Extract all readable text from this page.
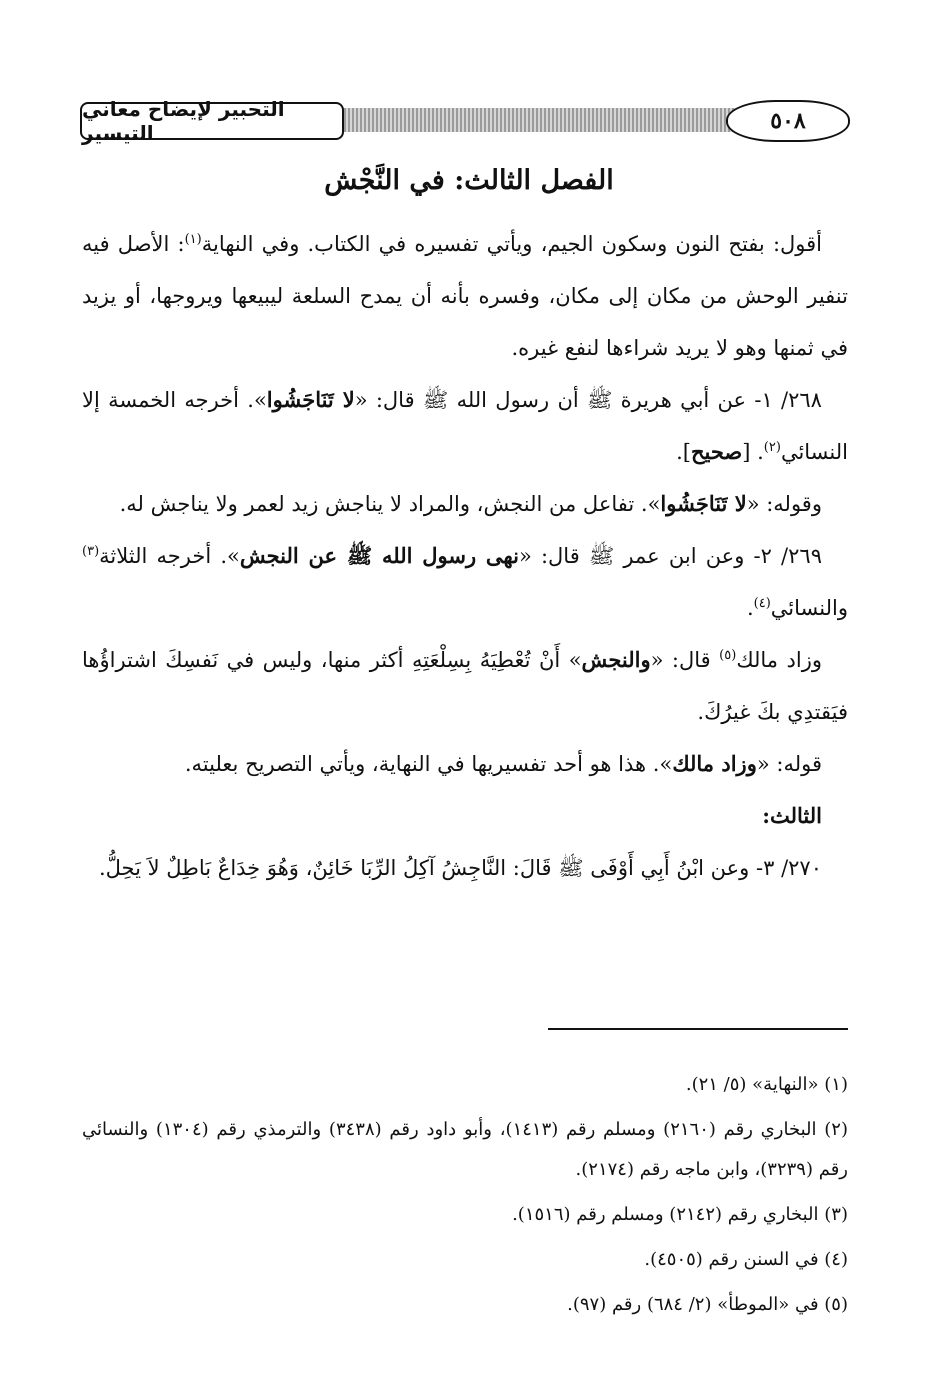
التحبير لإيضاح معاني التيسير	٥٠٨
الفصل الثالث: في النَّجْش

أقول: بفتح النون وسكون الجيم، ويأتي تفسيره في الكتاب. وفي النهاية$^{(١)}$: الأصل فيه تنفير الوحش من مكان إلى مكان، وفسره بأنه أن يمدح السلعة ليبيعها ويروجها، أو يزيد في ثمنها وهو لا يريد شراءها لنفع غيره.

٢٦٨/ ١- عن أبي هريرة ﷺ أن رسول الله ﷺ قال: «لا تَنَاجَشُوا». أخرجه الخمسة إلا النسائي$^{(٢)}$. [صحيح].

وقوله: «لا تَنَاجَشُوا». تفاعل من النجش، والمراد لا يناجش زيد لعمر ولا يناجش له.

٢٦٩/ ٢- وعن ابن عمر ﷺ قال: «نهى رسول الله ﷺ عن النجش». أخرجه الثلاثة$^{(٣)}$ والنسائي$^{(٤)}$.

وزاد مالك$^{(٥)}$ قال: «والنجش» أَنْ تُعْطِيَهُ بِسِلْعَتِهِ أكثر منها، وليس في نَفسِكَ اشتراؤُها فيَقتدِي بكَ غيرُكَ.

قوله: «وزاد مالك». هذا هو أحد تفسيريها في النهاية، ويأتي التصريح بعليته.

الثالث:

٢٧٠/ ٣- وعن ابْنُ أَبِي أَوْفَى ﷺ قَالَ: النَّاجِشُ آكِلُ الرِّبَا خَائِنٌ، وَهُوَ خِدَاعٌ بَاطِلٌ لاَ يَحِلُّ.

(١) «النهاية» (٥/ ٢١).

(٢) البخاري رقم (٢١٦٠) ومسلم رقم (١٤١٣)، وأبو داود رقم (٣٤٣٨) والترمذي رقم (١٣٠٤) والنسائي رقم (٣٢٣٩)، وابن ماجه رقم (٢١٧٤).

(٣) البخاري رقم (٢١٤٢) ومسلم رقم (١٥١٦).

(٤) في السنن رقم (٤٥٠٥).

(٥) في «الموطأ» (٢/ ٦٨٤) رقم (٩٧).
